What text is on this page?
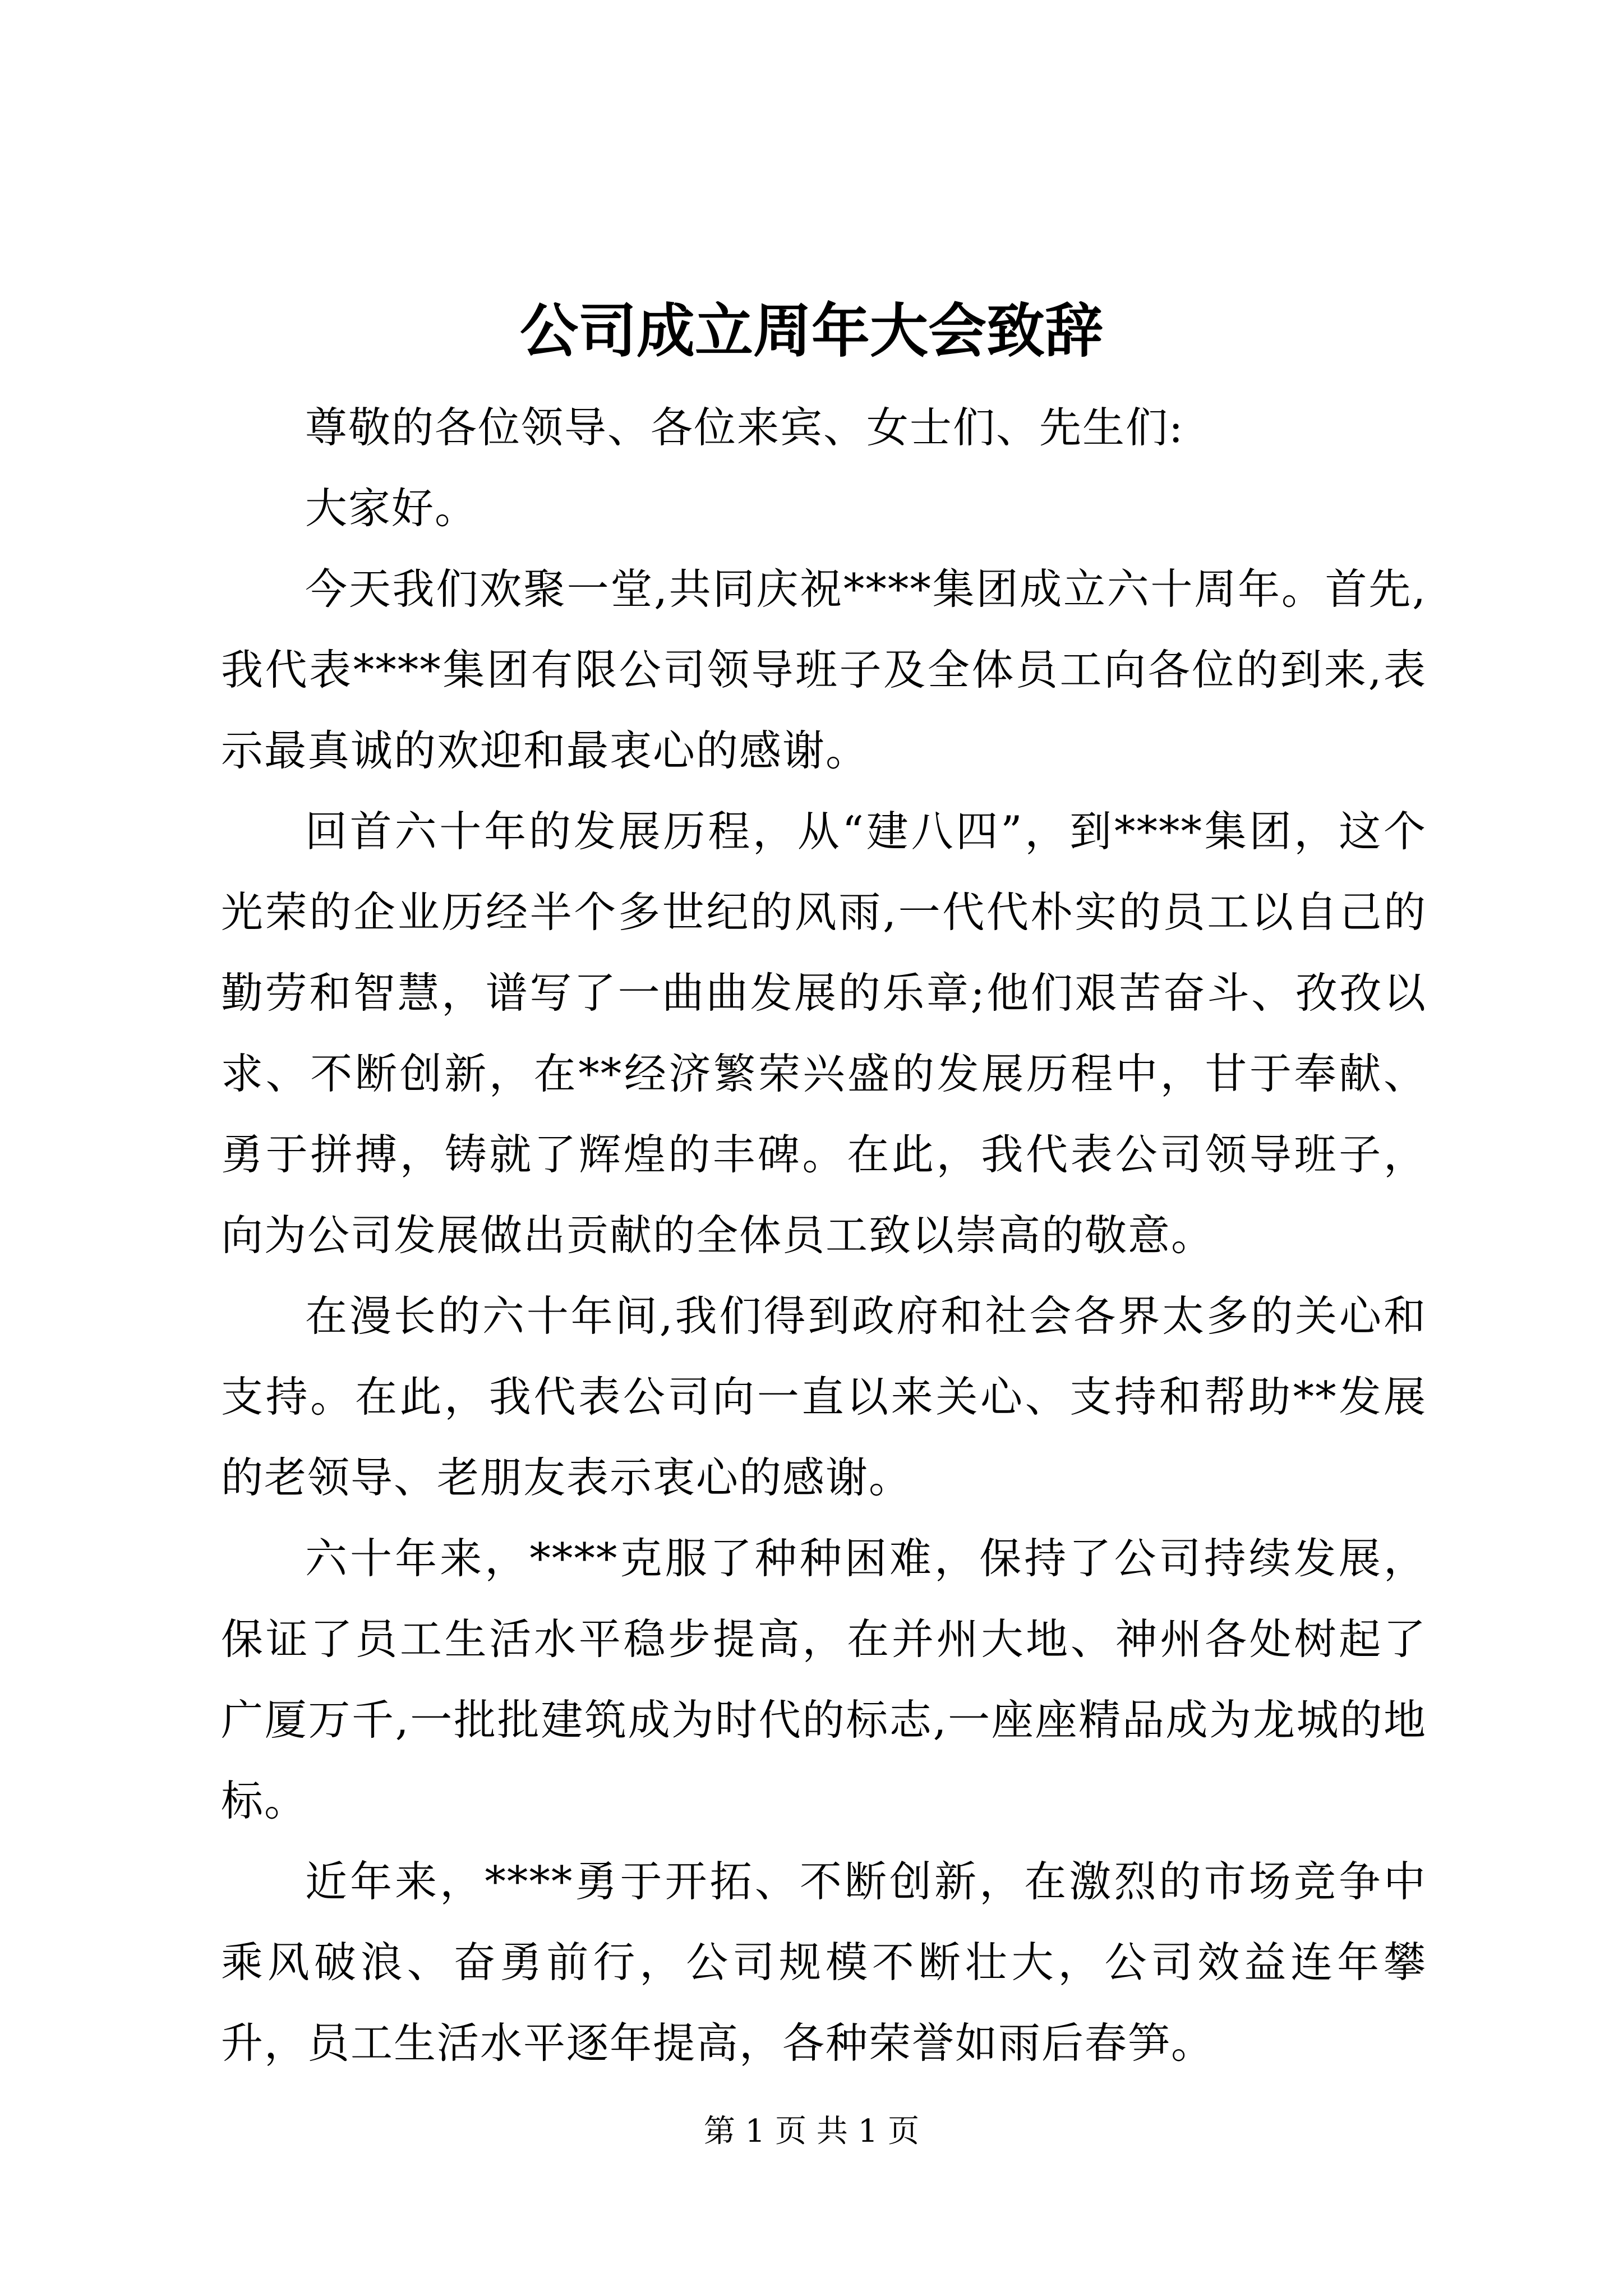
公司成立周年大会致辞

尊敬的各位领导、各位来宾、女士们、先生们:

大家好。

今天我们欢聚一堂,共同庆祝****集团成立六十周年。首先,我代表****集团有限公司领导班子及全体员工向各位的到来,表示最真诚的欢迎和最衷心的感谢。

回首六十年的发展历程，从“建八四”，到****集团，这个光荣的企业历经半个多世纪的风雨,一代代朴实的员工以自己的勤劳和智慧，谱写了一曲曲发展的乐章;他们艰苦奋斗、孜孜以求、不断创新，在**经济繁荣兴盛的发展历程中，甘于奉献、勇于拼搏，铸就了辉煌的丰碑。在此，我代表公司领导班子，向为公司发展做出贡献的全体员工致以崇高的敬意。

在漫长的六十年间,我们得到政府和社会各界太多的关心和支持。在此，我代表公司向一直以来关心、支持和帮助**发展的老领导、老朋友表示衷心的感谢。

六十年来，****克服了种种困难，保持了公司持续发展，保证了员工生活水平稳步提高，在并州大地、神州各处树起了广厦万千,一批批建筑成为时代的标志,一座座精品成为龙城的地标。

近年来，****勇于开拓、不断创新，在激烈的市场竞争中乘风破浪、奋勇前行，公司规模不断壮大，公司效益连年攀升，员工生活水平逐年提高，各种荣誉如雨后春笋。

第 1 页 共 1 页
